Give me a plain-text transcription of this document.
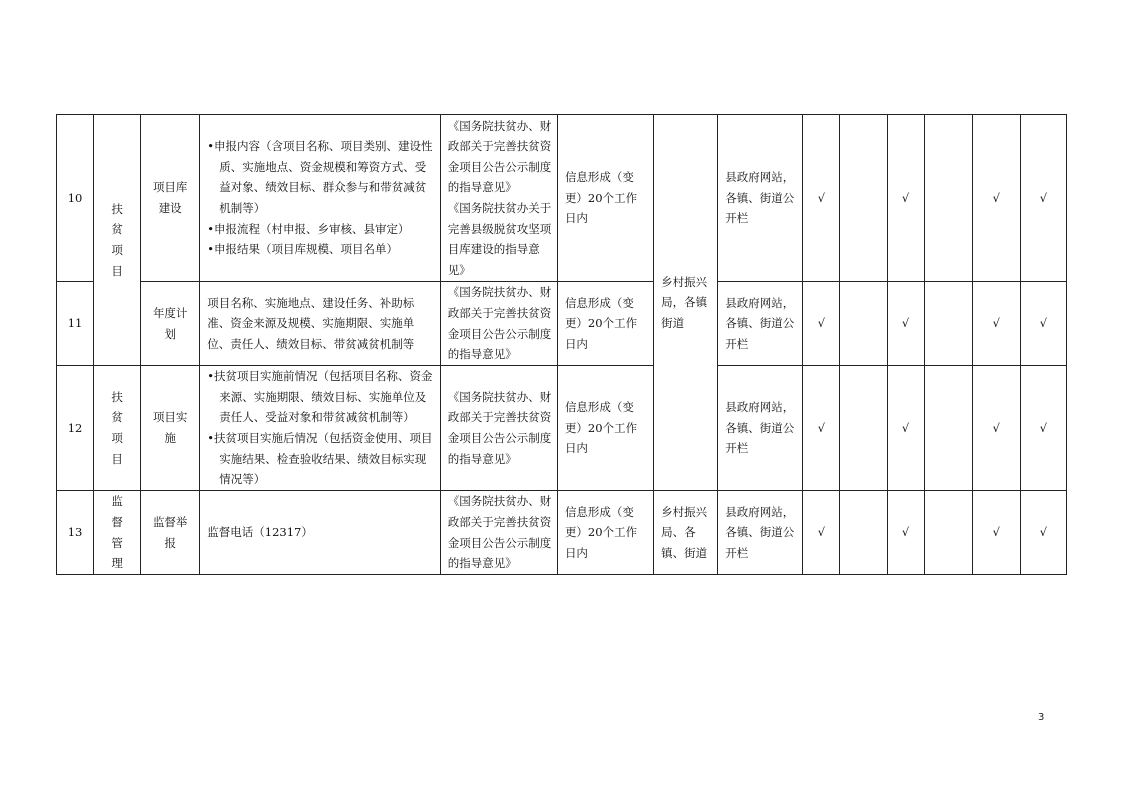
10	扶贫项目	项目库建设	•申报内容（含项目名称、项目类别、建设性质、实施地点、资金规模和筹资方式、受益对象、绩效目标、群众参与和带贫减贫机制等）
•申报流程（村申报、乡审核、县审定）
•申报结果（项目库规模、项目名单）	《国务院扶贫办、财政部关于完善扶贫资金项目公告公示制度的指导意见》
《国务院扶贫办关于完善县级脱贫攻坚项目库建设的指导意见》	信息形成（变更）20个工作日内	乡村振兴局，各镇街道	县政府网站，各镇、街道公开栏	√		√		√	√
11		年度计划	项目名称、实施地点、建设任务、补助标准、资金来源及规模、实施期限、实施单位、责任人、绩效目标、带贫减贫机制等	《国务院扶贫办、财政部关于完善扶贫资金项目公告公示制度的指导意见》	信息形成（变更）20个工作日内		县政府网站，各镇、街道公开栏	√		√		√	√
12	扶贫项目	项目实施	•扶贫项目实施前情况（包括项目名称、资金来源、实施期限、绩效目标、实施单位及责任人、受益对象和带贫减贫机制等）
•扶贫项目实施后情况（包括资金使用、项目实施结果、检查验收结果、绩效目标实现情况等）	《国务院扶贫办、财政部关于完善扶贫资金项目公告公示制度的指导意见》	信息形成（变更）20个工作日内		县政府网站，各镇、街道公开栏	√		√		√	√
13	监督管理	监督举报	监督电话（12317）	《国务院扶贫办、财政部关于完善扶贫资金项目公告公示制度的指导意见》	信息形成（变更）20个工作日内	乡村振兴局、各镇、街道	县政府网站，各镇、街道公开栏	√		√		√	√
3
